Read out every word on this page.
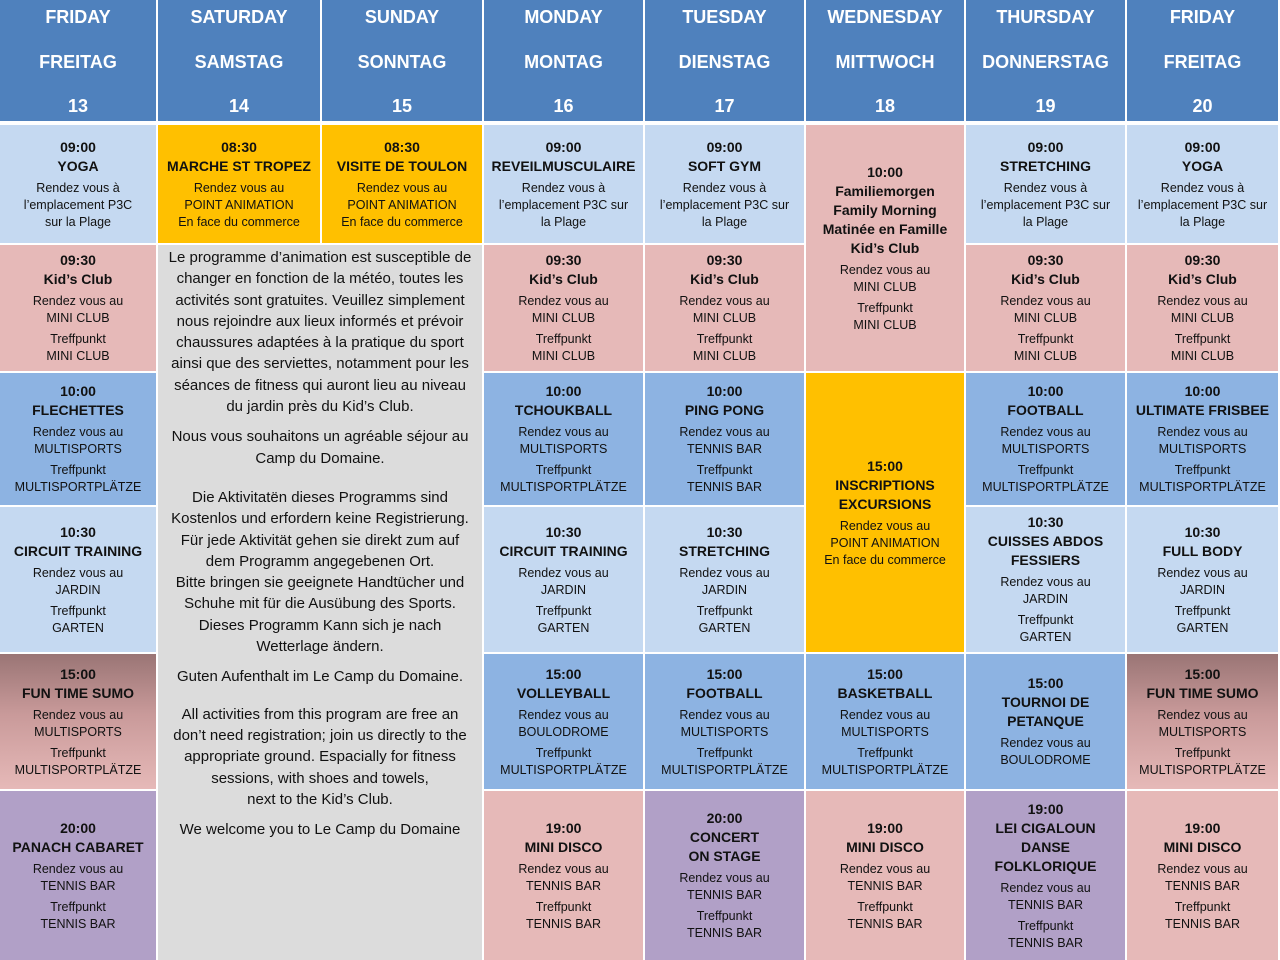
FRIDAY
FREITAG
13
SATURDAY
SAMSTAG
14
SUNDAY
SONNTAG
15
MONDAY
MONTAG
16
TUESDAY
DIENSTAG
17
WEDNESDAY
MITTWOCH
18
THURSDAY
DONNERSTAG
19
FRIDAY
FREITAG
20
09:00
YOGA
Rendez vous à
l’emplacement P3C
sur la Plage
08:30
MARCHE ST TROPEZ
Rendez vous au
POINT ANIMATION
En face du commerce
08:30
VISITE DE TOULON
Rendez vous au
POINT ANIMATION
En face du commerce
09:00
REVEILMUSCULAIRE
Rendez vous à
l’emplacement P3C sur
la Plage
09:00
SOFT GYM
Rendez vous à
l’emplacement P3C sur
la Plage
10:00
Familiemorgen
Family Morning
Matinée en Famille
Kid’s Club
Rendez vous au
MINI CLUB
Treffpunkt
MINI CLUB
09:00
STRETCHING
Rendez vous à
l’emplacement P3C sur
la Plage
09:00
YOGA
Rendez vous à
l’emplacement P3C sur
la Plage
09:30
Kid’s Club
Rendez vous au
MINI CLUB
Treffpunkt
MINI CLUB
09:30
Kid’s Club
Rendez vous au
MINI CLUB
Treffpunkt
MINI CLUB
09:30
Kid’s Club
Rendez vous au
MINI CLUB
Treffpunkt
MINI CLUB
09:30
Kid’s Club
Rendez vous au
MINI CLUB
Treffpunkt
MINI CLUB
09:30
Kid’s Club
Rendez vous au
MINI CLUB
Treffpunkt
MINI CLUB
10:00
FLECHETTES
Rendez vous au
MULTISPORTS
Treffpunkt
MULTISPORTPLÄTZE
10:00
TCHOUKBALL
Rendez vous au
MULTISPORTS
Treffpunkt
MULTISPORTPLÄTZE
10:00
PING PONG
Rendez vous au
TENNIS BAR
Treffpunkt
TENNIS BAR
15:00
INSCRIPTIONS
EXCURSIONS
Rendez vous au
POINT ANIMATION
En face du commerce
10:00
FOOTBALL
Rendez vous au
MULTISPORTS
Treffpunkt
MULTISPORTPLÄTZE
10:00
ULTIMATE FRISBEE
Rendez vous au
MULTISPORTS
Treffpunkt
MULTISPORTPLÄTZE
10:30
CIRCUIT TRAINING
Rendez vous au
JARDIN
Treffpunkt
GARTEN
10:30
CIRCUIT TRAINING
Rendez vous au
JARDIN
Treffpunkt
GARTEN
10:30
STRETCHING
Rendez vous au
JARDIN
Treffpunkt
GARTEN
10:30
CUISSES ABDOS
FESSIERS
Rendez vous au
JARDIN
Treffpunkt
GARTEN
10:30
FULL BODY
Rendez vous au
JARDIN
Treffpunkt
GARTEN
15:00
FUN TIME SUMO
Rendez vous au
MULTISPORTS
Treffpunkt
MULTISPORTPLÄTZE
15:00
VOLLEYBALL
Rendez vous au
BOULODROME
Treffpunkt
MULTISPORTPLÄTZE
15:00
FOOTBALL
Rendez vous au
MULTISPORTS
Treffpunkt
MULTISPORTPLÄTZE
15:00
BASKETBALL
Rendez vous au
MULTISPORTS
Treffpunkt
MULTISPORTPLÄTZE
15:00
TOURNOI DE
PETANQUE
Rendez vous au
BOULODROME
15:00
FUN TIME SUMO
Rendez vous au
MULTISPORTS
Treffpunkt
MULTISPORTPLÄTZE
20:00
PANACH CABARET
Rendez vous au
TENNIS BAR
Treffpunkt
TENNIS BAR
19:00
MINI DISCO
Rendez vous au
TENNIS BAR
Treffpunkt
TENNIS BAR
20:00
CONCERT
ON STAGE
Rendez vous au
TENNIS BAR
Treffpunkt
TENNIS BAR
19:00
MINI DISCO
Rendez vous au
TENNIS BAR
Treffpunkt
TENNIS BAR
19:00
LEI CIGALOUN
DANSE
FOLKLORIQUE
Rendez vous au
TENNIS BAR
Treffpunkt
TENNIS BAR
19:00
MINI DISCO
Rendez vous au
TENNIS BAR
Treffpunkt
TENNIS BAR

Le programme d’animation est susceptible de changer en fonction de la météo, toutes les activités sont gratuites. Veuillez simplement nous rejoindre aux lieux informés et prévoir chaussures adaptées à la pratique du sport ainsi que des serviettes, notamment pour les séances de fitness qui auront lieu au niveau du jardin près du Kid’s Club.

Nous vous souhaitons un agréable séjour au Camp du Domaine.

Die Aktivitatën dieses Programms sind Kostenlos und erfordern keine Registrierung. Für jede Aktivität gehen sie direkt zum auf dem Programm angegebenen Ort.

Bitte bringen sie geeignete Handtücher und Schuhe mit für die Ausübung des Sports. Dieses Programm Kann sich je nach Wetterlage ändern.

Guten Aufenthalt im Le Camp du Domaine.

All activities from this program are free an don’t need registration; join us directly to the appropriate ground. Espacially for fitness sessions, with shoes and towels,

next to the Kid’s Club.

We welcome you to Le Camp du Domaine
